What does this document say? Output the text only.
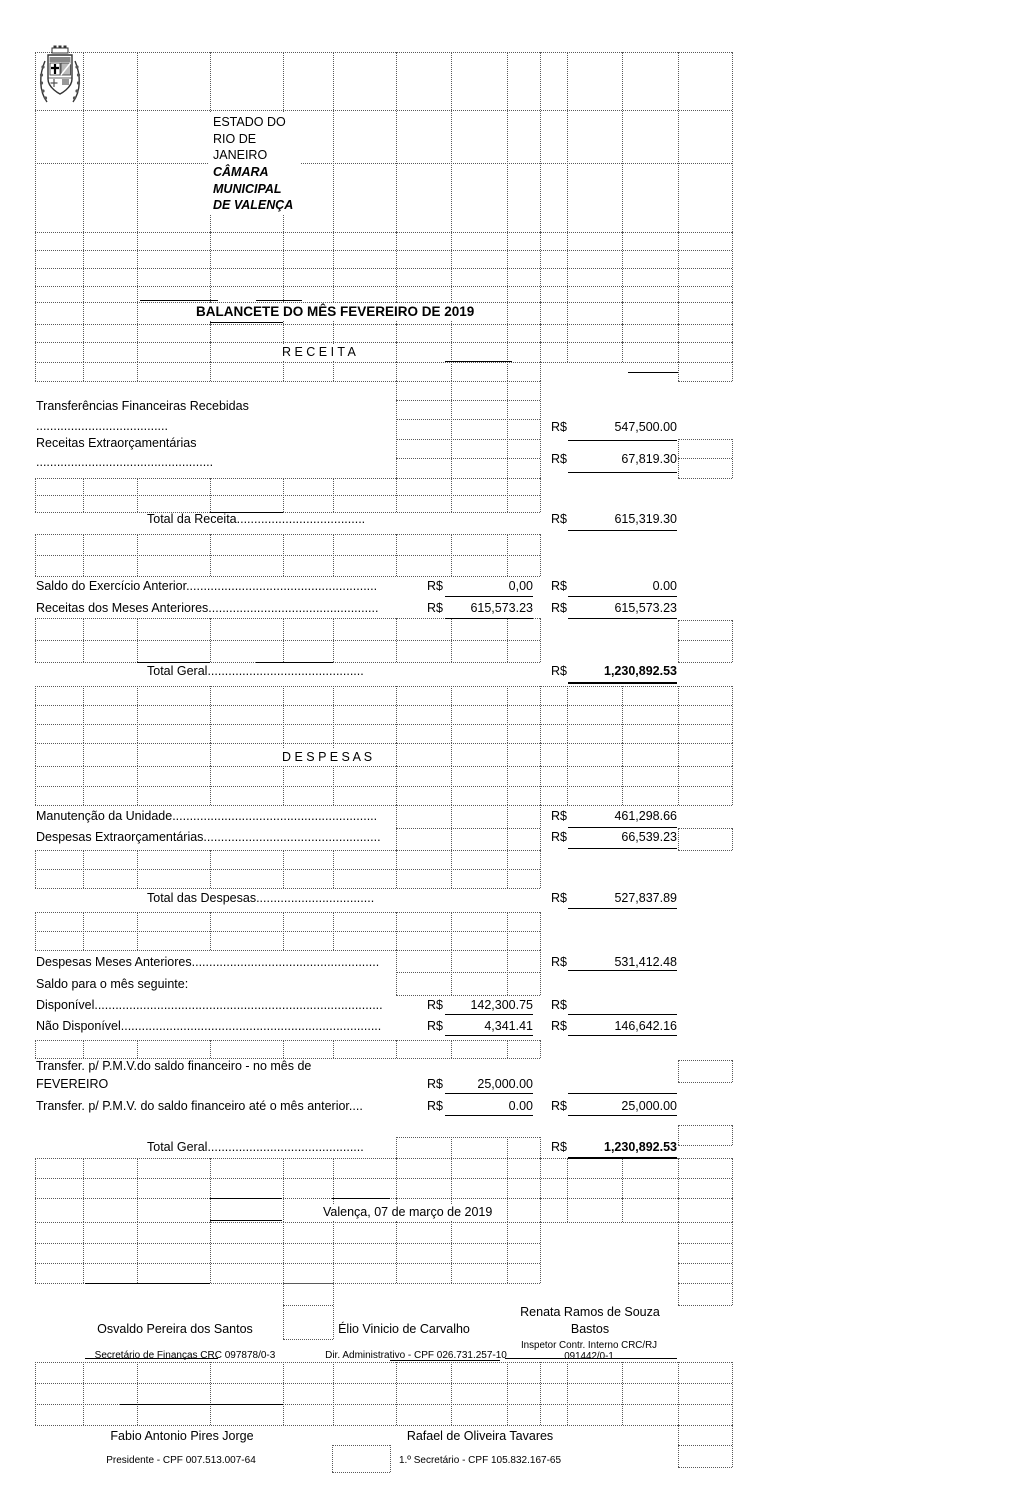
ESTADO DO RIO DE JANEIRO
CÂMARA MUNICIPAL DE VALENÇA
BALANCETE DO MÊS FEVEREIRO DE 2019
R E C E I T A
Transferências Financeiras Recebidas
......................................	R$	547,500.00
Receitas Extraorçamentárias
...................................................	R$	67,819.30
Total da Receita.....................................	R$	615,319.30
Saldo do Exercício Anterior.......................................................	R$	0,00 R$	0.00
Receitas dos Meses Anteriores.................................................	R$	615,573.23 R$	615,573.23
Total Geral.............................................	R$	1,230,892.53
D E S P E S A S
Manutenção da Unidade...........................................................	R$	461,298.66
Despesas Extraorçamentárias...................................................	R$	66,539.23
Total das Despesas..................................	R$	527,837.89
Despesas Meses Anteriores......................................................	R$	531,412.48
Saldo para o mês seguinte:
Disponível...................................................................................	R$	142,300.75 R$
Não Disponível...........................................................................	R$	4,341.41 R$	146,642.16
Transfer. p/ P.M.V.do saldo financeiro - no mês de
FEVEREIRO	R$	25,000.00
Transfer. p/ P.M.V. do saldo financeiro até o mês anterior....	R$	0.00 R$	25,000.00
Total Geral.............................................	R$	1,230,892.53
Valença, 07 de março de 2019
Osvaldo Pereira dos Santos
Secretário de Finanças CRC 097878/0-3
Élio Vinicio de Carvalho
Dir. Administrativo - CPF 026.731.257-10
Renata Ramos de Souza Bastos
Inspetor Contr. Interno CRC/RJ 091442/0-1
Fabio Antonio Pires Jorge
Presidente - CPF 007.513.007-64
Rafael de Oliveira Tavares
1.º Secretário - CPF 105.832.167-65
